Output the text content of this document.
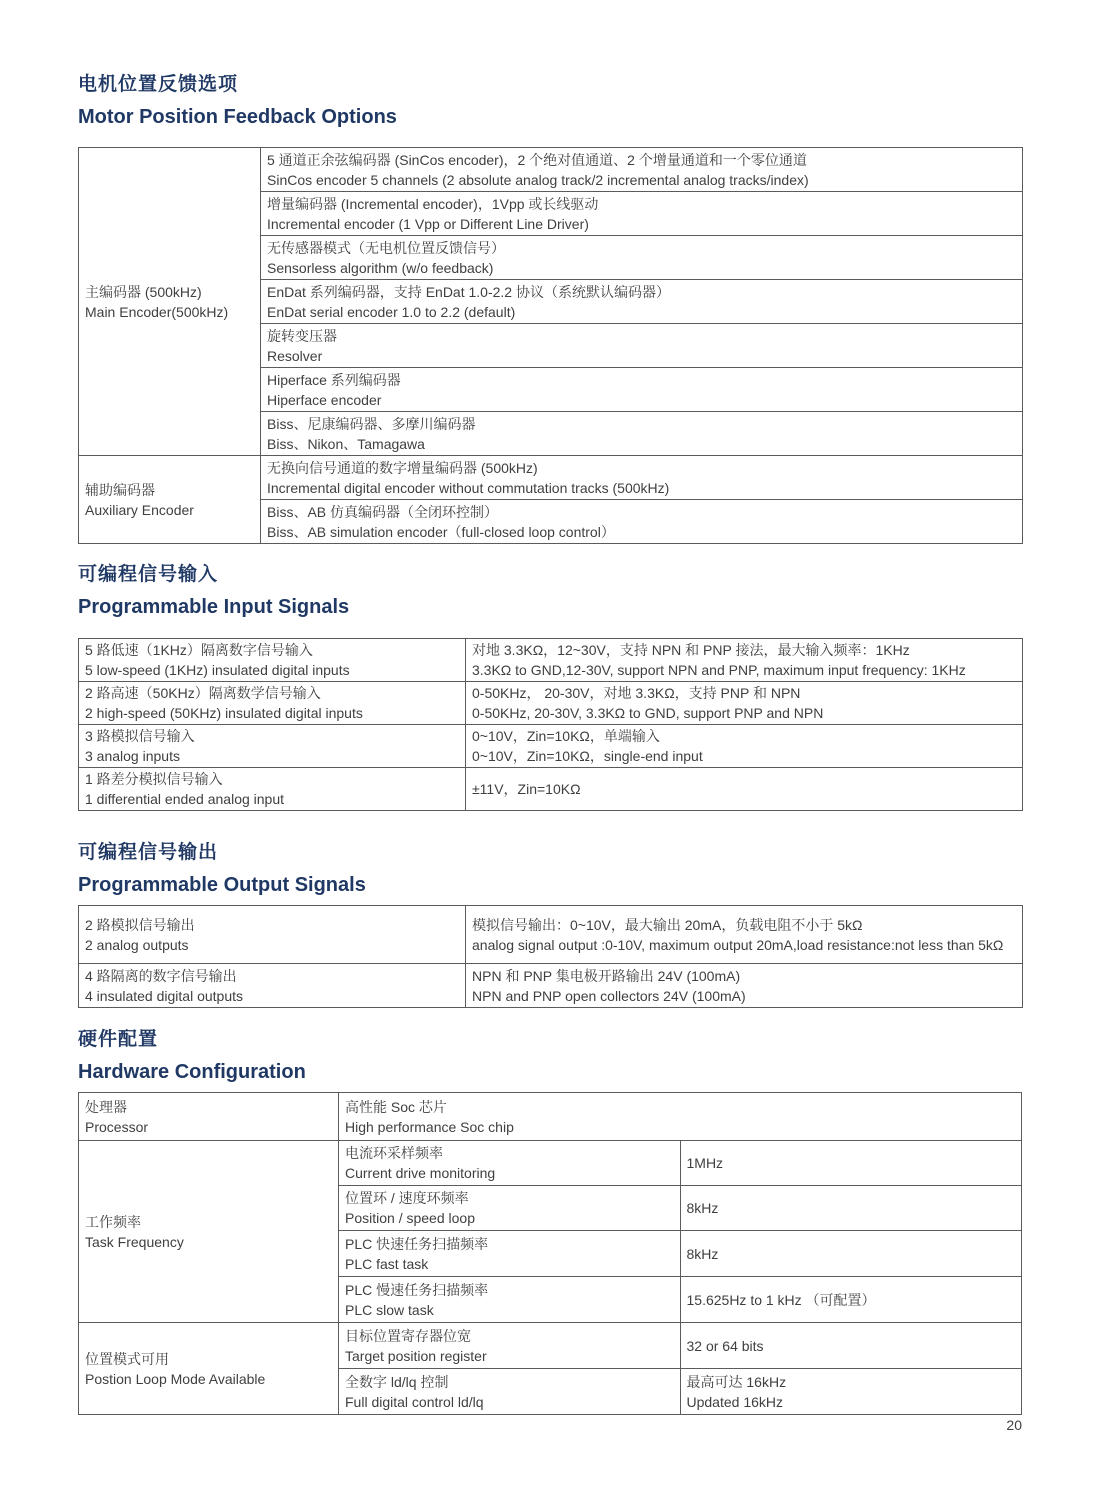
电机位置反馈选项
Motor Position Feedback Options
主编码器 (500kHz)
Main Encoder(500kHz)	5 通道正余弦编码器 (SinCos encoder)，2 个绝对值通道、2 个增量通道和一个零位通道
SinCos encoder 5 channels (2 absolute analog track/2 incremental analog tracks/index)

	增量编码器 (Incremental encoder)，1Vpp 或长线驱动
Incremental encoder (1 Vpp or Different Line Driver)

	无传感器模式（无电机位置反馈信号）
Sensorless algorithm (w/o feedback)

	EnDat 系列编码器，支持 EnDat 1.0-2.2 协议（系统默认编码器）
EnDat serial encoder 1.0 to 2.2 (default)

	旋转变压器
Resolver

	Hiperface 系列编码器
Hiperface encoder

	Biss、尼康编码器、多摩川编码器
Biss、Nikon、Tamagawa

辅助编码器
Auxiliary Encoder	无换向信号通道的数字增量编码器 (500kHz)
Incremental digital encoder without commutation tracks (500kHz)

	Biss、AB 仿真编码器（全闭环控制）
Biss、AB simulation encoder（full-closed loop control）
可编程信号输入
Programmable Input Signals
5 路低速（1KHz）隔离数字信号输入
5 low-speed (1KHz) insulated digital inputs	对地 3.3KΩ，12~30V，支持 NPN 和 PNP 接法，最大输入频率：1KHz
3.3KΩ to GND,12-30V, support NPN and PNP, maximum input frequency: 1KHz

2 路高速（50KHz）隔离数学信号输入
2 high-speed (50KHz) insulated digital inputs	0-50KHz， 20-30V，对地 3.3KΩ，支持 PNP 和 NPN
0-50KHz, 20-30V, 3.3KΩ to GND, support PNP and NPN

3 路模拟信号输入
3 analog inputs	0~10V，Zin=10KΩ，单端输入
0~10V，Zin=10KΩ，single-end input

1 路差分模拟信号输入
1 differential ended analog input	±11V，Zin=10KΩ
可编程信号输出
Programmable Output Signals
2 路模拟信号输出
2 analog outputs	模拟信号输出：0~10V，最大输出 20mA，负载电阻不小于 5kΩ
analog signal output :0-10V, maximum output 20mA,load resistance:not less than 5kΩ

4 路隔离的数字信号输出
4 insulated digital outputs	NPN 和 PNP 集电极开路输出 24V (100mA)
NPN and PNP open collectors 24V (100mA)
硬件配置
Hardware Configuration
处理器
Processor	高性能 Soc 芯片
High performance Soc chip	

工作频率
Task Frequency	电流环采样频率
Current drive monitoring	1MHz

	位置环 / 速度环频率
Position / speed loop	8kHz

	PLC 快速任务扫描频率
PLC fast task	8kHz

	PLC 慢速任务扫描频率
PLC slow task	15.625Hz to 1 kHz （可配置）

位置模式可用
Postion Loop Mode Available	目标位置寄存器位宽
Target position register	32 or 64 bits

	全数字 ld/lq 控制
Full digital control ld/lq	最高可达 16kHz
Updated 16kHz
20
